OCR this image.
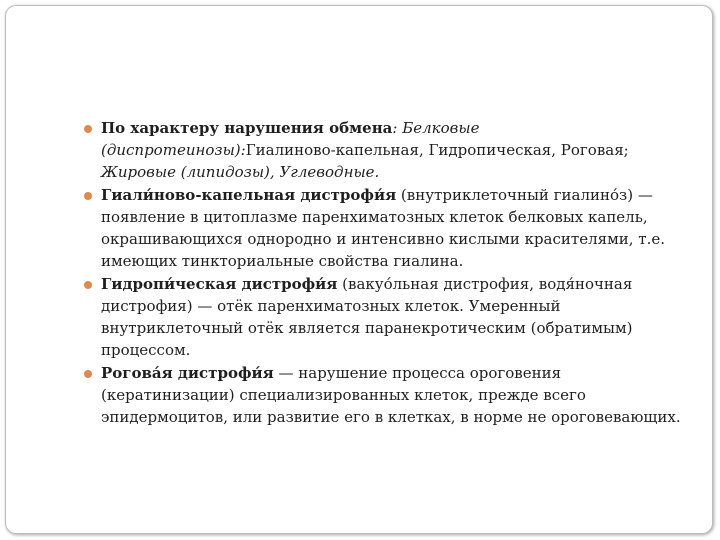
По характеру нарушения обмена: Белковые (диспротеинозы):Гиалиново-капельная, Гидропическая, Роговая; Жировые (липидозы), Углеводные.
Гиали́ново-капельная дистрофи́я (внутриклеточный гиалино́з) — появление в цитоплазме паренхиматозных клеток белковых капель, окрашивающихся однородно и интенсивно кислыми красителями, т.е. имеющих тинкториальные свойства гиалина.
Гидропи́ческая дистрофи́я (вакуо́льная дистрофия, водя́ночная дистрофия) — отёк паренхиматозных клеток. Умеренный внутриклеточный отёк является паранекротическим (обратимым) процессом.
Рогова́я дистрофи́я — нарушение процесса ороговения (кератинизации) специализированных клеток, прежде всего эпидермоцитов, или развитие его в клетках, в норме не ороговевающих.
